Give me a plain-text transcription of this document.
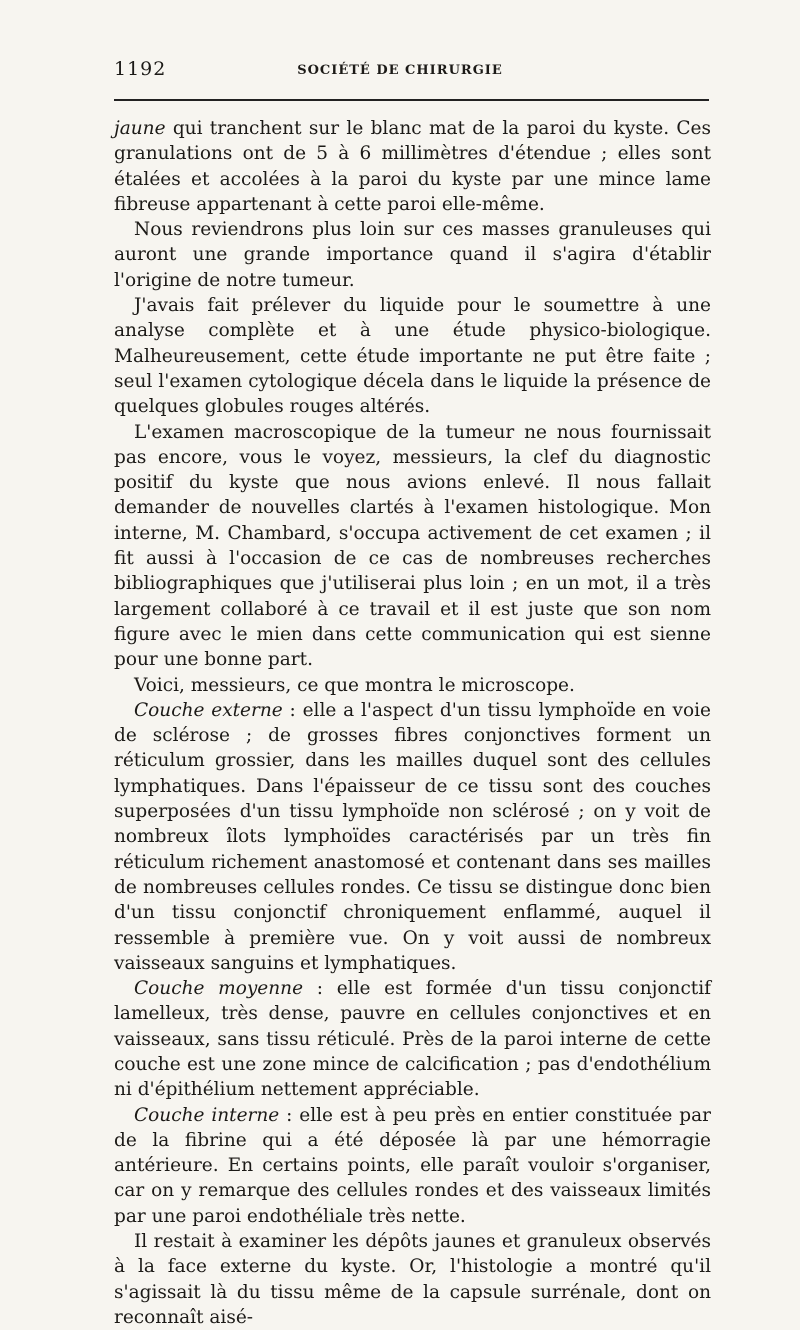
1192	SOCIÉTÉ DE CHIRURGIE

jaune qui tranchent sur le blanc mat de la paroi du kyste. Ces granulations ont de 5 à 6 millimètres d'étendue ; elles sont étalées et accolées à la paroi du kyste par une mince lame fibreuse appartenant à cette paroi elle-même.

Nous reviendrons plus loin sur ces masses granuleuses qui auront une grande importance quand il s'agira d'établir l'origine de notre tumeur.

J'avais fait prélever du liquide pour le soumettre à une analyse complète et à une étude physico-biologique. Malheureusement, cette étude importante ne put être faite ; seul l'examen cytologique décela dans le liquide la présence de quelques globules rouges altérés.

L'examen macroscopique de la tumeur ne nous fournissait pas encore, vous le voyez, messieurs, la clef du diagnostic positif du kyste que nous avions enlevé. Il nous fallait demander de nouvelles clartés à l'examen histologique. Mon interne, M. Chambard, s'occupa activement de cet examen ; il fit aussi à l'occasion de ce cas de nombreuses recherches bibliographiques que j'utiliserai plus loin ; en un mot, il a très largement collaboré à ce travail et il est juste que son nom figure avec le mien dans cette communication qui est sienne pour une bonne part.

Voici, messieurs, ce que montra le microscope.

Couche externe : elle a l'aspect d'un tissu lymphoïde en voie de sclérose ; de grosses fibres conjonctives forment un réticulum grossier, dans les mailles duquel sont des cellules lymphatiques. Dans l'épaisseur de ce tissu sont des couches superposées d'un tissu lymphoïde non sclérosé ; on y voit de nombreux îlots lymphoïdes caractérisés par un très fin réticulum richement anastomosé et contenant dans ses mailles de nombreuses cellules rondes. Ce tissu se distingue donc bien d'un tissu conjonctif chroniquement enflammé, auquel il ressemble à première vue. On y voit aussi de nombreux vaisseaux sanguins et lymphatiques.

Couche moyenne : elle est formée d'un tissu conjonctif lamelleux, très dense, pauvre en cellules conjonctives et en vaisseaux, sans tissu réticulé. Près de la paroi interne de cette couche est une zone mince de calcification ; pas d'endothélium ni d'épithélium nettement appréciable.

Couche interne : elle est à peu près en entier constituée par de la fibrine qui a été déposée là par une hémorragie antérieure. En certains points, elle paraît vouloir s'organiser, car on y remarque des cellules rondes et des vaisseaux limités par une paroi endothéliale très nette.

Il restait à examiner les dépôts jaunes et granuleux observés à la face externe du kyste. Or, l'histologie a montré qu'il s'agissait là du tissu même de la capsule surrénale, dont on reconnaît aisé-
